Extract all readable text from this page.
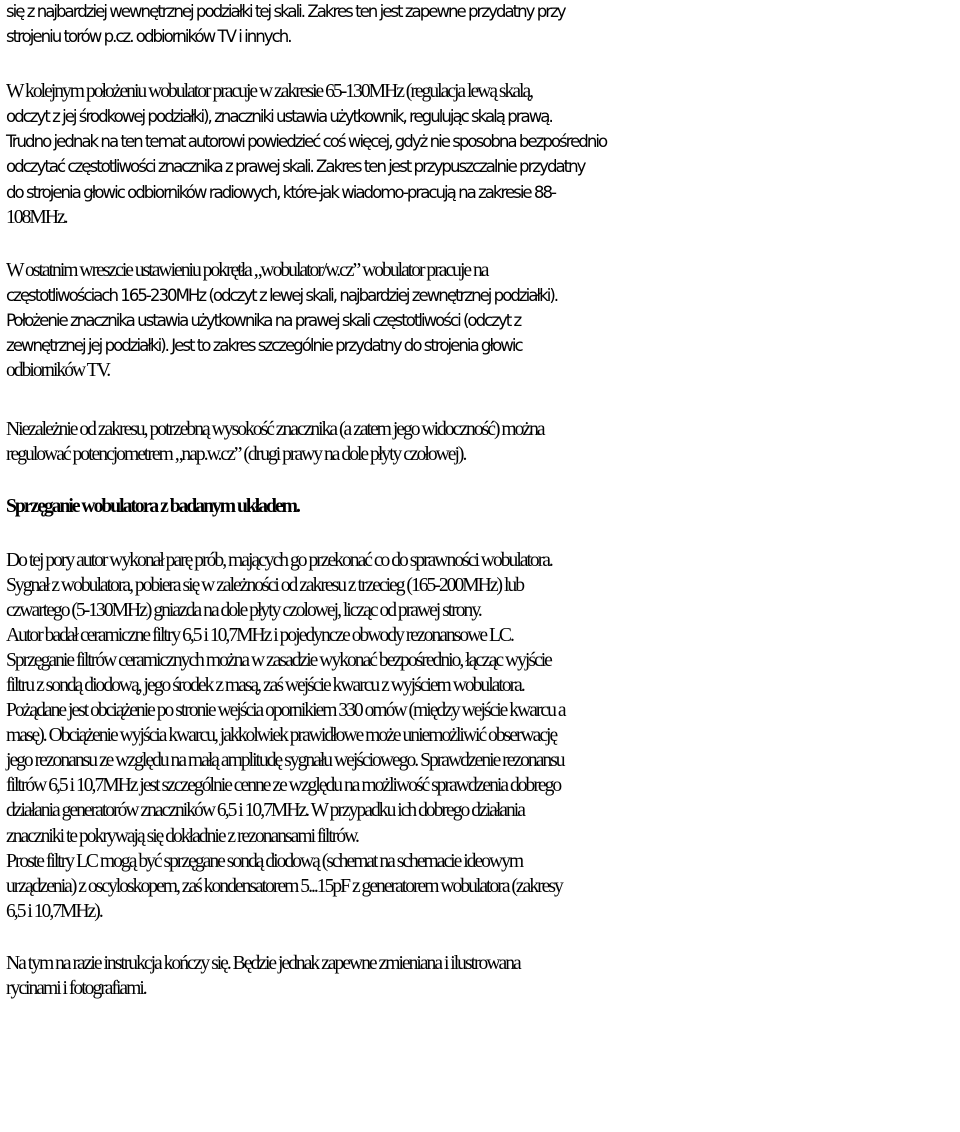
się z najbardziej wewnętrznej podziałki tej skali. Zakres ten jest zapewne przydatny przy
strojeniu torów p.cz. odbiorników TV i innych.
W kolejnym położeniu wobulator pracuje w zakresie 65-130MHz (regulacja lewą skalą,
odczyt z jej środkowej podziałki), znaczniki ustawia użytkownik, regulując skalą prawą.
Trudno jednak na ten temat autorowi powiedzieć coś więcej, gdyż nie sposobna bezpośrednio
odczytać częstotliwości znacznika z prawej skali. Zakres ten jest przypuszczalnie przydatny
do strojenia głowic odbiorników radiowych, które-jak wiadomo-pracują na zakresie 88-
108MHz.
W ostatnim wreszcie ustawieniu pokrętła „wobulator/w.cz” wobulator pracuje na
częstotliwościach 165-230MHz (odczyt z lewej skali, najbardziej zewnętrznej podziałki).
Położenie znacznika ustawia użytkownika na prawej skali częstotliwości (odczyt z
zewnętrznej jej podziałki). Jest to zakres szczególnie przydatny do strojenia głowic
odbiorników TV.
Niezależnie od zakresu, potrzebną wysokość znacznika (a zatem jego widoczność) można
regulować potencjometrem „nap.w.cz” (drugi prawy na dole płyty czołowej).
Sprzęganie wobulatora z badanym układem.
Do tej pory autor wykonał parę prób, mających go przekonać co do sprawności wobulatora.
Sygnał z wobulatora, pobiera się w zależności od zakresu z trzecieg (165-200MHz) lub
czwartego (5-130MHz) gniazda na dole płyty czolowej, licząc od prawej strony.
Autor badał ceramiczne filtry 6,5 i 10,7MHz i pojedyncze obwody rezonansowe LC.
Sprzęganie filtrów ceramicznych można w zasadzie wykonać bezpośrednio, łącząc wyjście
filtru z sondą diodową, jego środek z masą, zaś wejście kwarcu z wyjściem wobulatora.
Pożądane jest obciążenie po stronie wejścia opornikiem 330 omów (między wejście kwarcu a
masę). Obciążenie wyjścia kwarcu, jakkolwiek prawidłowe może uniemożliwić obserwację
jego rezonansu ze względu na małą amplitudę sygnału wejściowego. Sprawdzenie rezonansu
filtrów 6,5 i 10,7MHz jest szczególnie cenne ze względu na możliwość sprawdzenia dobrego
działania generatorów znaczników 6,5 i 10,7MHz. W przypadku ich dobrego działania
znaczniki te pokrywają się dokładnie z rezonansami filtrów.
Proste filtry LC mogą być sprzęgane sondą diodową (schemat na schemacie ideowym
urządzenia) z oscyloskopem, zaś kondensatorem 5...15pF z generatorem wobulatora (zakresy
6,5 i 10,7MHz).
Na tym na razie instrukcja kończy się. Będzie jednak zapewne zmieniana i ilustrowana
rycinami i fotografiami.
